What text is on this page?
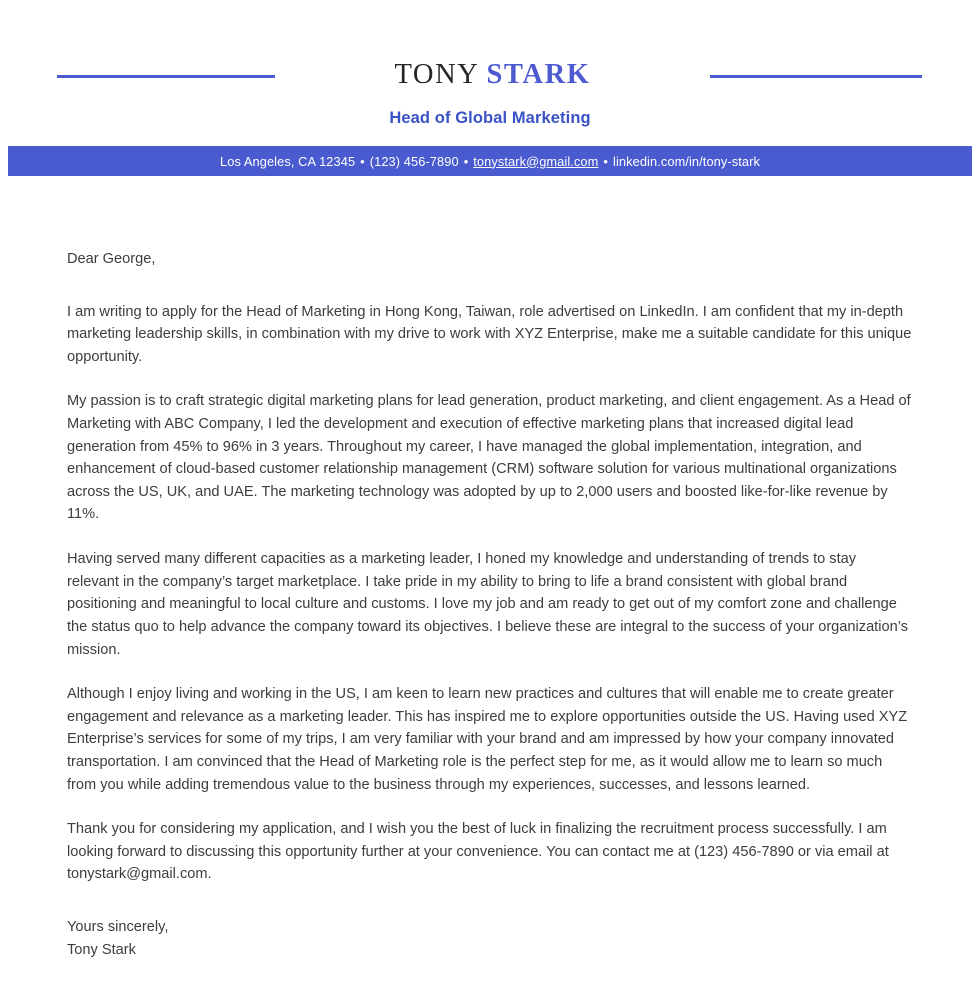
TONY STARK
Head of Global Marketing
Los Angeles, CA 12345 • (123) 456-7890 • tonystark@gmail.com • linkedin.com/in/tony-stark

Dear George,

I am writing to apply for the Head of Marketing in Hong Kong, Taiwan, role advertised on LinkedIn. I am confident that my in-depth marketing leadership skills, in combination with my drive to work with XYZ Enterprise, make me a suitable candidate for this unique opportunity.

My passion is to craft strategic digital marketing plans for lead generation, product marketing, and client engagement. As a Head of Marketing with ABC Company, I led the development and execution of effective marketing plans that increased digital lead generation from 45% to 96% in 3 years. Throughout my career, I have managed the global implementation, integration, and enhancement of cloud-based customer relationship management (CRM) software solution for various multinational organizations across the US, UK, and UAE. The marketing technology was adopted by up to 2,000 users and boosted like-for-like revenue by 11%.

Having served many different capacities as a marketing leader, I honed my knowledge and understanding of trends to stay relevant in the company’s target marketplace. I take pride in my ability to bring to life a brand consistent with global brand positioning and meaningful to local culture and customs. I love my job and am ready to get out of my comfort zone and challenge the status quo to help advance the company toward its objectives. I believe these are integral to the success of your organization’s mission.

Although I enjoy living and working in the US, I am keen to learn new practices and cultures that will enable me to create greater engagement and relevance as a marketing leader. This has inspired me to explore opportunities outside the US. Having used XYZ Enterprise’s services for some of my trips, I am very familiar with your brand and am impressed by how your company innovated transportation. I am convinced that the Head of Marketing role is the perfect step for me, as it would allow me to learn so much from you while adding tremendous value to the business through my experiences, successes, and lessons learned.

Thank you for considering my application, and I wish you the best of luck in finalizing the recruitment process successfully. I am looking forward to discussing this opportunity further at your convenience. You can contact me at (123) 456-7890 or via email at tonystark@gmail.com.

Yours sincerely,
Tony Stark
